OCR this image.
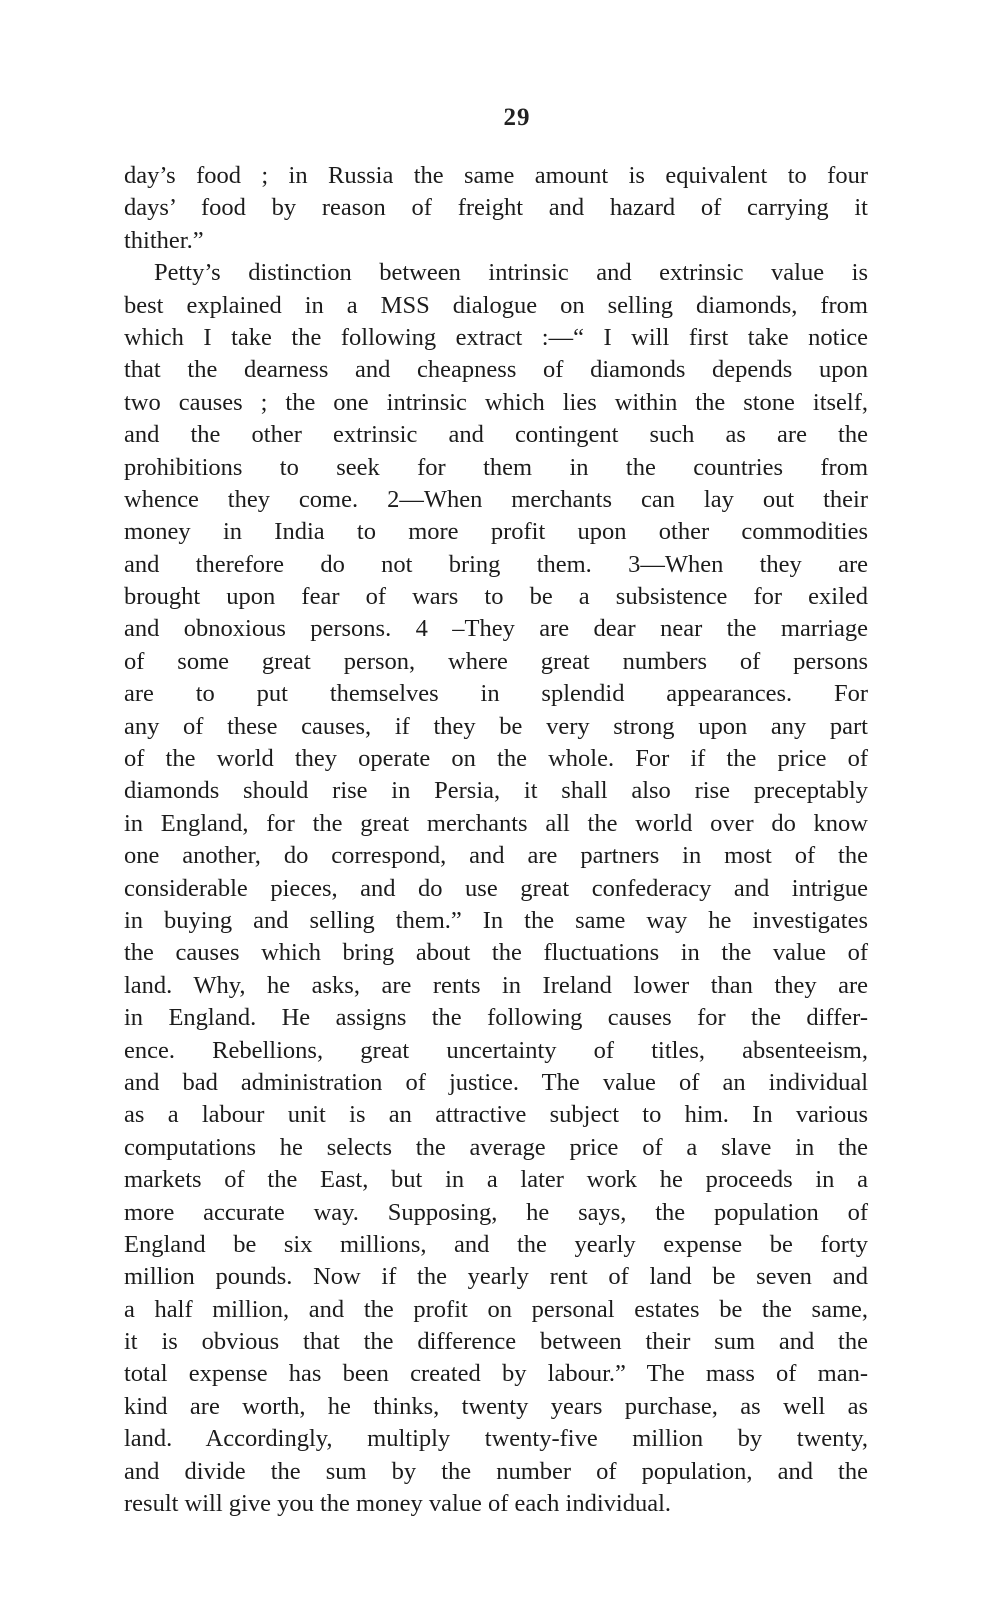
29
day’s food ; in Russia the same amount is equivalent to four
days’ food by reason of freight and hazard of carrying it
thither.”
Petty’s distinction between intrinsic and extrinsic value is
best explained in a MSS dialogue on selling diamonds, from
which I take the following extract :—“ I will first take notice
that the dearness and cheapness of diamonds depends upon
two causes ; the one intrinsic which lies within the stone itself,
and the other extrinsic and contingent such as are the
prohibitions to seek for them in the countries from
whence they come. 2—When merchants can lay out their
money in India to more profit upon other commodities
and therefore do not bring them. 3—When they are
brought upon fear of wars to be a subsistence for exiled
and obnoxious persons. 4 –They are dear near the marriage
of some great person, where great numbers of persons
are to put themselves in splendid appearances. For
any of these causes, if they be very strong upon any part
of the world they operate on the whole. For if the price of
diamonds should rise in Persia, it shall also rise preceptably
in England, for the great merchants all the world over do know
one another, do correspond, and are partners in most of the
considerable pieces, and do use great confederacy and intrigue
in buying and selling them.” In the same way he investigates
the causes which bring about the fluctuations in the value of
land. Why, he asks, are rents in Ireland lower than they are
in England. He assigns the following causes for the differ-
ence. Rebellions, great uncertainty of titles, absenteeism,
and bad administration of justice. The value of an individual
as a labour unit is an attractive subject to him. In various
computations he selects the average price of a slave in the
markets of the East, but in a later work he proceeds in a
more accurate way. Supposing, he says, the population of
England be six millions, and the yearly expense be forty
million pounds. Now if the yearly rent of land be seven and
a half million, and the profit on personal estates be the same,
it is obvious that the difference between their sum and the
total expense has been created by labour.” The mass of man-
kind are worth, he thinks, twenty years purchase, as well as
land. Accordingly, multiply twenty-five million by twenty,
and divide the sum by the number of population, and the
result will give you the money value of each individual.
